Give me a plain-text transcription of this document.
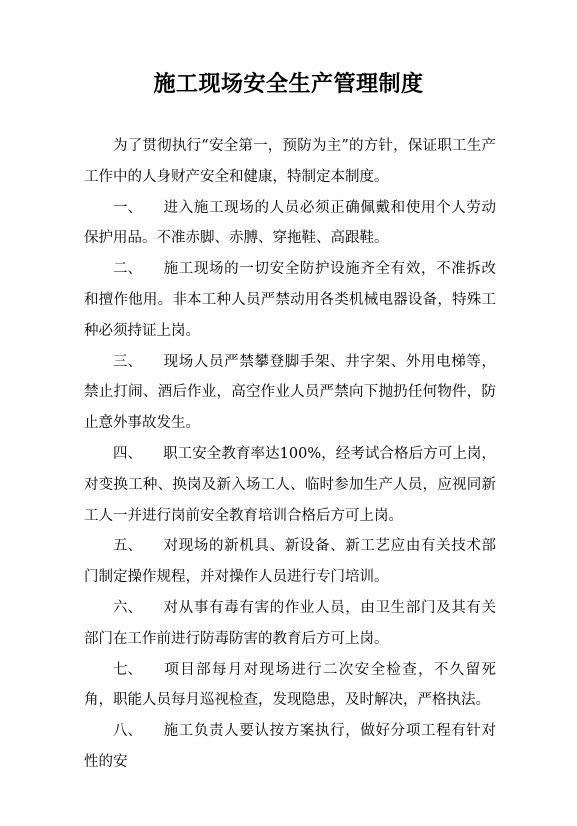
施工现场安全生产管理制度

为了贯彻执行“安全第一，预防为主”的方针，保证职工生产工作中的人身财产安全和健康，特制定本制度。

一、 进入施工现场的人员必须正确佩戴和使用个人劳动保护用品。不准赤脚、赤膊、穿拖鞋、高跟鞋。

二、 施工现场的一切安全防护设施齐全有效，不准拆改和擅作他用。非本工种人员严禁动用各类机械电器设备，特殊工种必须持证上岗。

三、 现场人员严禁攀登脚手架、井字架、外用电梯等，禁止打闹、酒后作业，高空作业人员严禁向下抛扔任何物件，防止意外事故发生。

四、 职工安全教育率达100%，经考试合格后方可上岗，对变换工种、换岗及新入场工人、临时参加生产人员，应视同新工人一并进行岗前安全教育培训合格后方可上岗。

五、 对现场的新机具、新设备、新工艺应由有关技术部门制定操作规程，并对操作人员进行专门培训。

六、 对从事有毒有害的作业人员，由卫生部门及其有关部门在工作前进行防毒防害的教育后方可上岗。

七、 项目部每月对现场进行二次安全检查，不久留死角，职能人员每月巡视检查，发现隐患，及时解决，严格执法。

八、 施工负责人要认按方案执行，做好分项工程有针对性的安
